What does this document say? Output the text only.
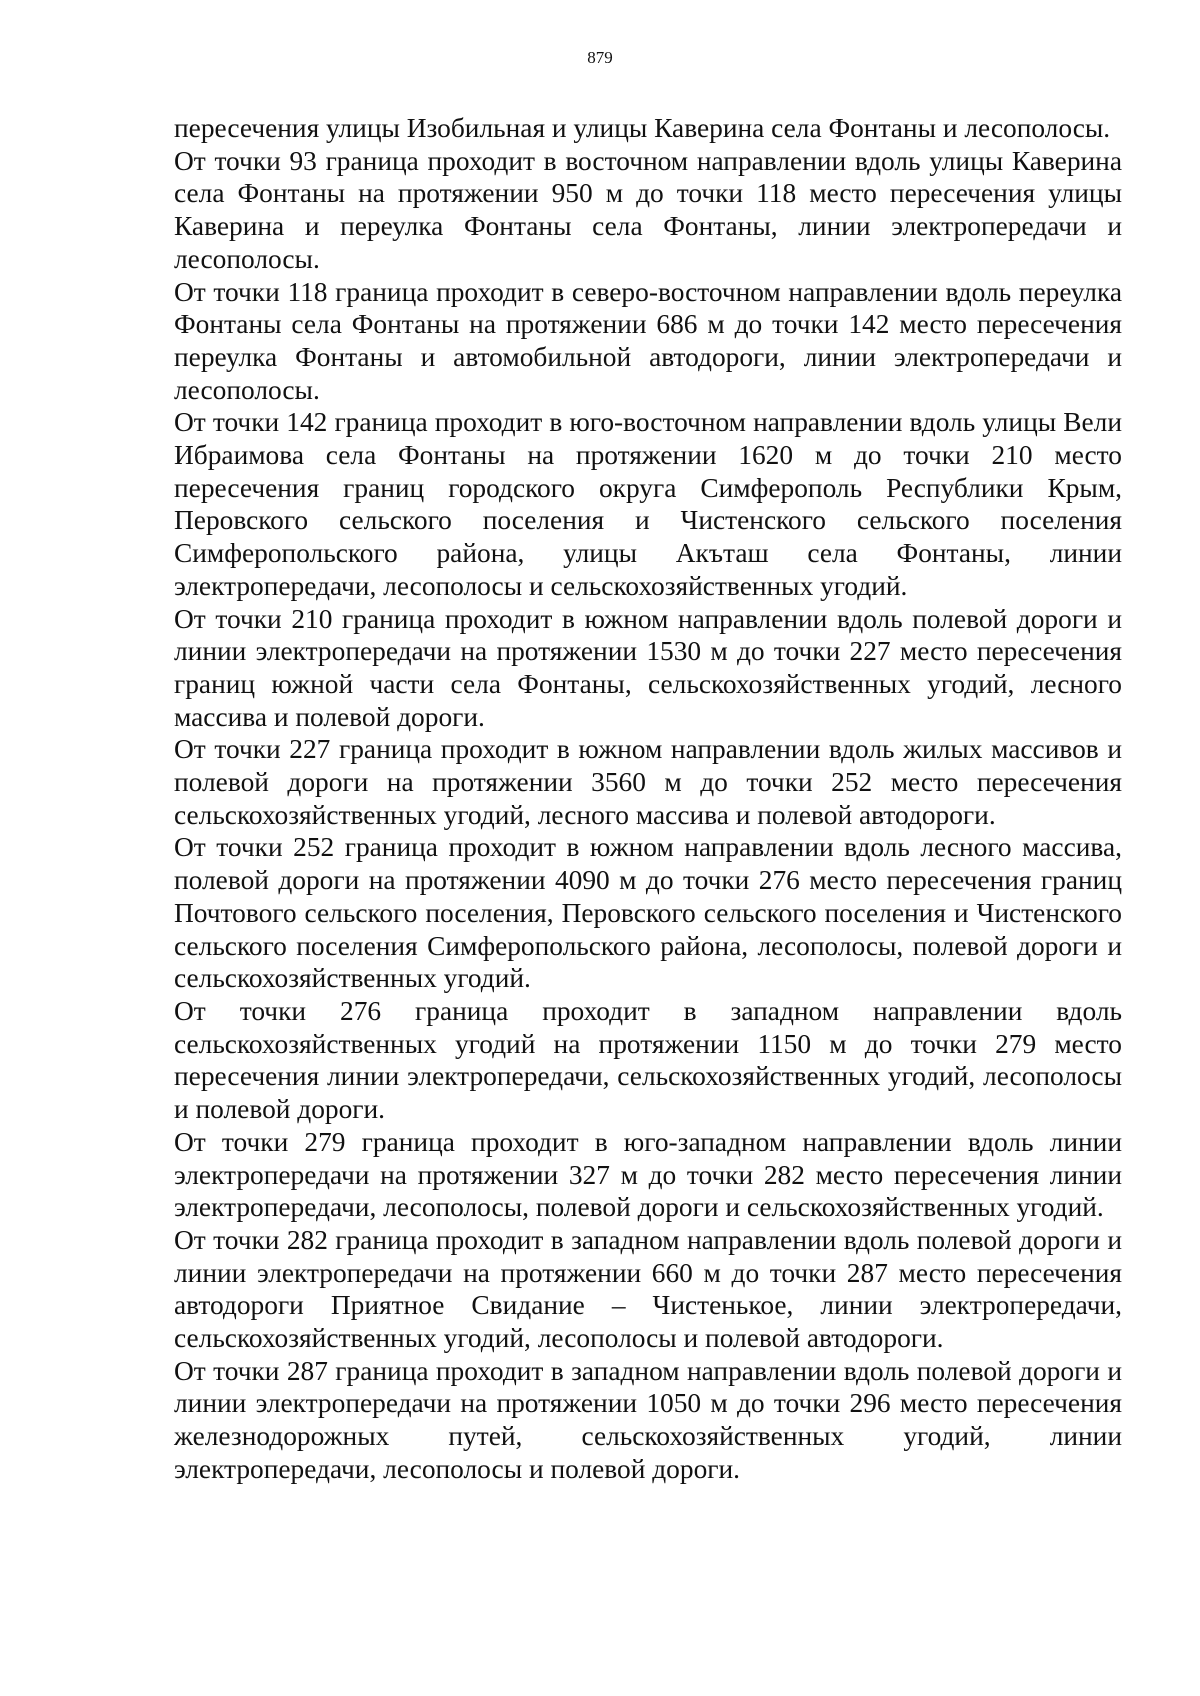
879

пересечения улицы Изобильная и улицы Каверина села Фонтаны и лесополосы.

От точки 93 граница проходит в восточном направлении вдоль улицы Каверина села Фонтаны на протяжении 950 м до точки 118 место пересечения улицы Каверина и переулка Фонтаны села Фонтаны, линии электропередачи и лесополосы.

От точки 118 граница проходит в северо-восточном направлении вдоль переулка Фонтаны села Фонтаны на протяжении 686 м до точки 142 место пересечения переулка Фонтаны и автомобильной автодороги, линии электропередачи и лесополосы.

От точки 142 граница проходит в юго-восточном направлении вдоль улицы Вели Ибраимова села Фонтаны на протяжении 1620 м до точки 210 место пересечения границ городского округа Симферополь Республики Крым, Перовского сельского поселения и Чистенского сельского поселения Симферопольского района, улицы Акъташ села Фонтаны, линии электропередачи, лесополосы и сельскохозяйственных угодий.

От точки 210 граница проходит в южном направлении вдоль полевой дороги и линии электропередачи на протяжении 1530 м до точки 227 место пересечения границ южной части села Фонтаны, сельскохозяйственных угодий, лесного массива и полевой дороги.

От точки 227 граница проходит в южном направлении вдоль жилых массивов и полевой дороги на протяжении 3560 м до точки 252 место пересечения сельскохозяйственных угодий, лесного массива и полевой автодороги.

От точки 252 граница проходит в южном направлении вдоль лесного массива, полевой дороги на протяжении 4090 м до точки 276 место пересечения границ Почтового сельского поселения, Перовского сельского поселения и Чистенского сельского поселения Симферопольского района, лесополосы, полевой дороги и сельскохозяйственных угодий.

От точки 276 граница проходит в западном направлении вдоль сельскохозяйственных угодий на протяжении 1150 м до точки 279 место пересечения линии электропередачи, сельскохозяйственных угодий, лесополосы и полевой дороги.

От точки 279 граница проходит в юго-западном направлении вдоль линии электропередачи на протяжении 327 м до точки 282 место пересечения линии электропередачи, лесополосы, полевой дороги и сельскохозяйственных угодий.

От точки 282 граница проходит в западном направлении вдоль полевой дороги и линии электропередачи на протяжении 660 м до точки 287 место пересечения автодороги Приятное Свидание – Чистенькое, линии электропередачи, сельскохозяйственных угодий, лесополосы и полевой автодороги.

От точки 287 граница проходит в западном направлении вдоль полевой дороги и линии электропередачи на протяжении 1050 м до точки 296 место пересечения железнодорожных путей, сельскохозяйственных угодий, линии электропередачи, лесополосы и полевой дороги.
